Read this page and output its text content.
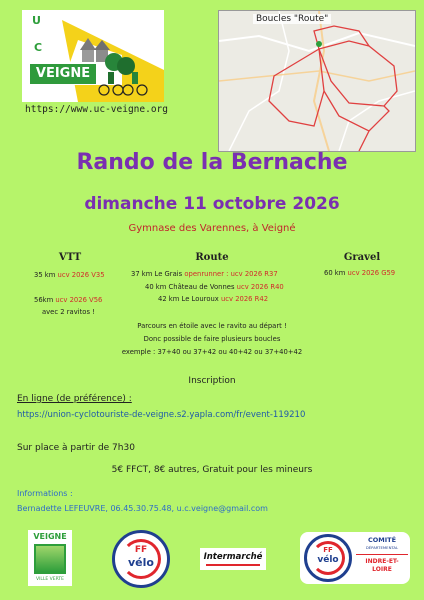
U
C
VEIGNE
https://www.uc-veigne.org
Boucles "Route"
Rando de la Bernache
dimanche 11 octobre 2026
Gymnase des Varennes, à Veigné
VTT
35 km ucv 2026 V35
56km ucv 2026 V56
avec 2 ravitos !
Route
37 km Le Grais openrunner : ucv 2026 R37
40 km Château de Vonnes ucv 2026 R40
42 km Le Lourouх ucv 2026 R42
Gravel
60 km ucv 2026 G59
Parcours en étoile avec le ravito au départ !
Donc possible de faire plusieurs boucles
exemple : 37+40 ou 37+42 ou 40+42 ou 37+40+42
Inscription
En ligne (de préférence) :
https://union-cyclotouriste-de-veigne.s2.yapla.com/fr/event-119210
Sur place à partir de 7h30
5€ FFCT, 8€ autres, Gratuit pour les mineurs
Informations :
Bernadette LEFEUVRE, 06.45.30.75.48, u.c.veigne@gmail.com
VEIGNE
VILLE VERTE
FF
vélo	Intermarché
FF
vélo
COMITÉ
DÉPARTEMENTAL
INDRE-ET-
LOIRE
